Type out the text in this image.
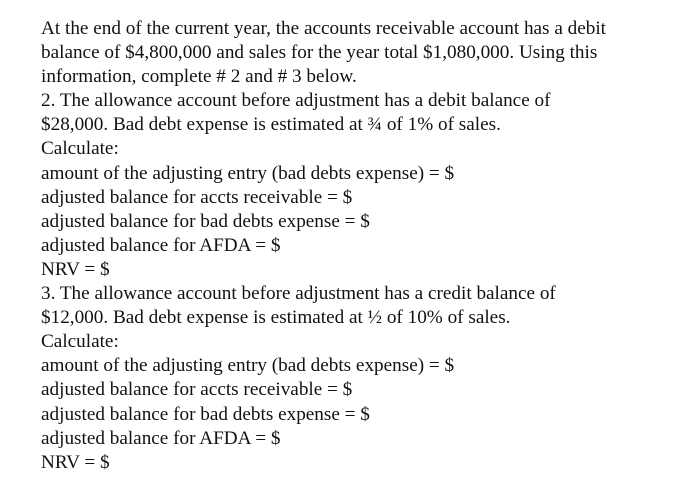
At the end of the current year, the accounts receivable account has a debit
balance of $4,800,000 and sales for the year total $1,080,000. Using this
information, complete # 2 and # 3 below.
2. The allowance account before adjustment has a debit balance of
$28,000. Bad debt expense is estimated at ¾ of 1% of sales.
Calculate:
amount of the adjusting entry (bad debts expense) = $
adjusted balance for accts receivable = $
adjusted balance for bad debts expense = $
adjusted balance for AFDA = $
NRV = $
3. The allowance account before adjustment has a credit balance of
$12,000. Bad debt expense is estimated at ½ of 10% of sales.
Calculate:
amount of the adjusting entry (bad debts expense) = $
adjusted balance for accts receivable = $
adjusted balance for bad debts expense = $
adjusted balance for AFDA = $
NRV = $
